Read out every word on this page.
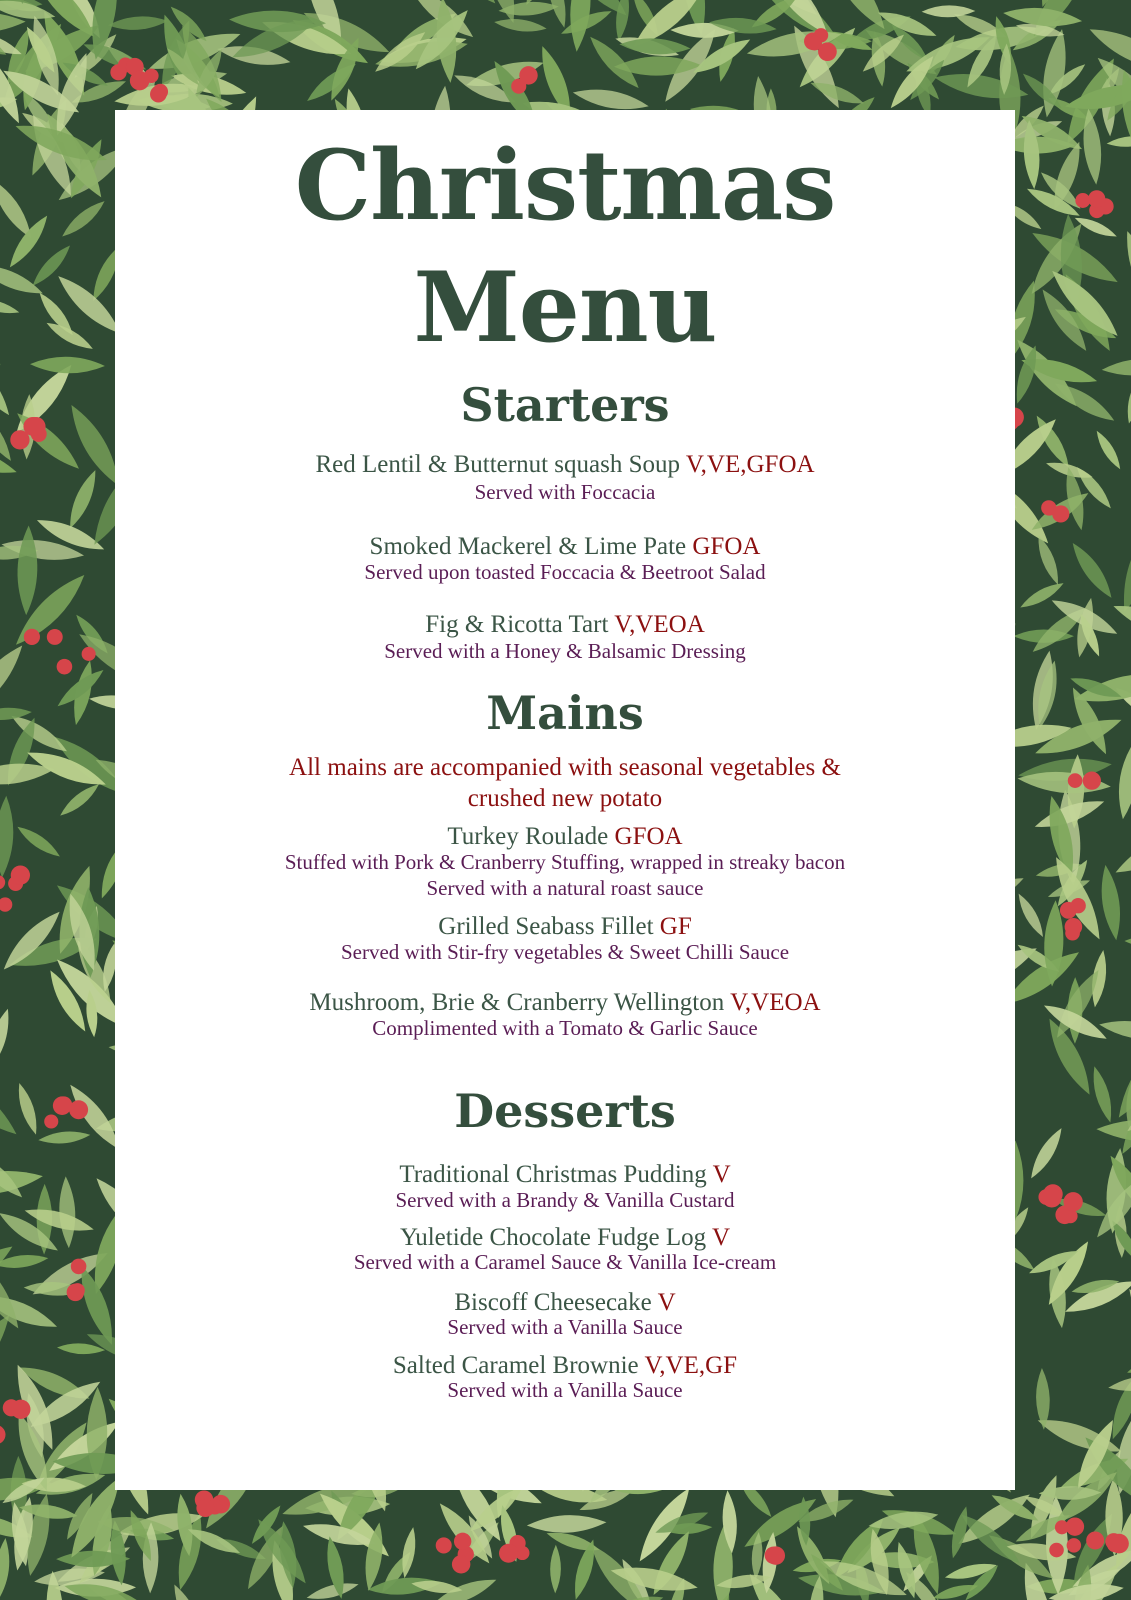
Christmas
Menu
Starters
Red Lentil & Butternut squash Soup V,VE,GFOA
Served with Foccacia
Smoked Mackerel & Lime Pate GFOA
Served upon toasted Foccacia & Beetroot Salad
Fig & Ricotta Tart V,VEOA
Served with a Honey & Balsamic Dressing
Mains
All mains are accompanied with seasonal vegetables &
crushed new potato
Turkey Roulade GFOA
Stuffed with Pork & Cranberry Stuffing, wrapped in streaky bacon
Served with a natural roast sauce
Grilled Seabass Fillet GF
Served with Stir-fry vegetables & Sweet Chilli Sauce
Mushroom, Brie & Cranberry Wellington V,VEOA
Complimented with a Tomato & Garlic Sauce
Desserts
Traditional Christmas Pudding V
Served with a Brandy & Vanilla Custard
Yuletide Chocolate Fudge Log V
Served with a Caramel Sauce & Vanilla Ice-cream
Biscoff Cheesecake V
Served with a Vanilla Sauce
Salted Caramel Brownie V,VE,GF
Served with a Vanilla Sauce
